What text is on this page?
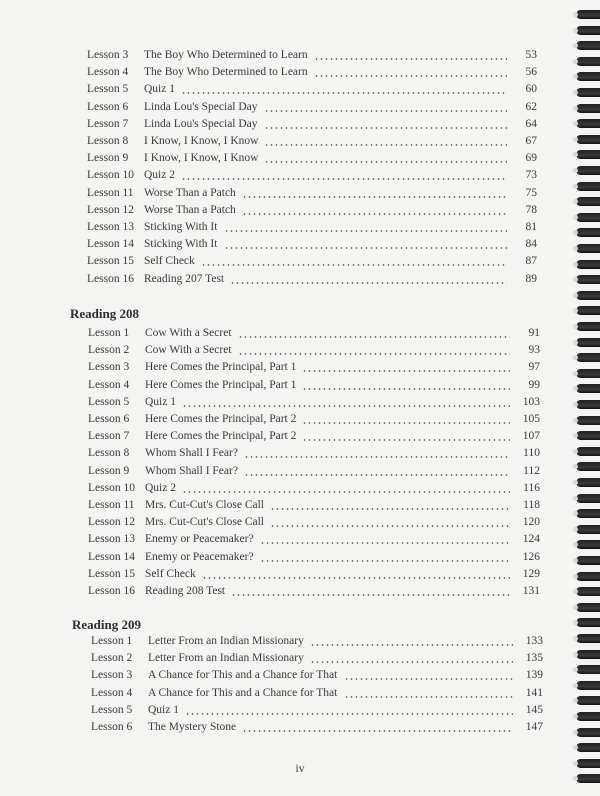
Lesson 3	The Boy Who Determined to Learn	53
Lesson 4	The Boy Who Determined to Learn	56
Lesson 5	Quiz 1	60
Lesson 6	Linda Lou's Special Day	62
Lesson 7	Linda Lou's Special Day	64
Lesson 8	I Know, I Know, I Know	67
Lesson 9	I Know, I Know, I Know	69
Lesson 10 Quiz 2	73
Lesson 11 Worse Than a Patch	75
Lesson 12 Worse Than a Patch	78
Lesson 13 Sticking With It	81
Lesson 14 Sticking With It	84
Lesson 15 Self Check	87
Lesson 16 Reading 207 Test	89
Reading 208
Lesson 1	Cow With a Secret	91
Lesson 2	Cow With a Secret	93
Lesson 3	Here Comes the Principal, Part 1	97
Lesson 4	Here Comes the Principal, Part 1	99
Lesson 5	Quiz 1	103
Lesson 6	Here Comes the Principal, Part 2	105
Lesson 7	Here Comes the Principal, Part 2	107
Lesson 8	Whom Shall I Fear?	110
Lesson 9	Whom Shall I Fear?	112
Lesson 10 Quiz 2	116
Lesson 11 Mrs. Cut-Cut's Close Call	118
Lesson 12 Mrs. Cut-Cut's Close Call	120
Lesson 13 Enemy or Peacemaker?	124
Lesson 14 Enemy or Peacemaker?	126
Lesson 15 Self Check	129
Lesson 16 Reading 208 Test	131
Reading 209
Lesson 1	Letter From an Indian Missionary	133
Lesson 2	Letter From an Indian Missionary	135
Lesson 3	A Chance for This and a Chance for That	139
Lesson 4	A Chance for This and a Chance for That	141
Lesson 5	Quiz 1	145
Lesson 6	The Mystery Stone	147
iv
